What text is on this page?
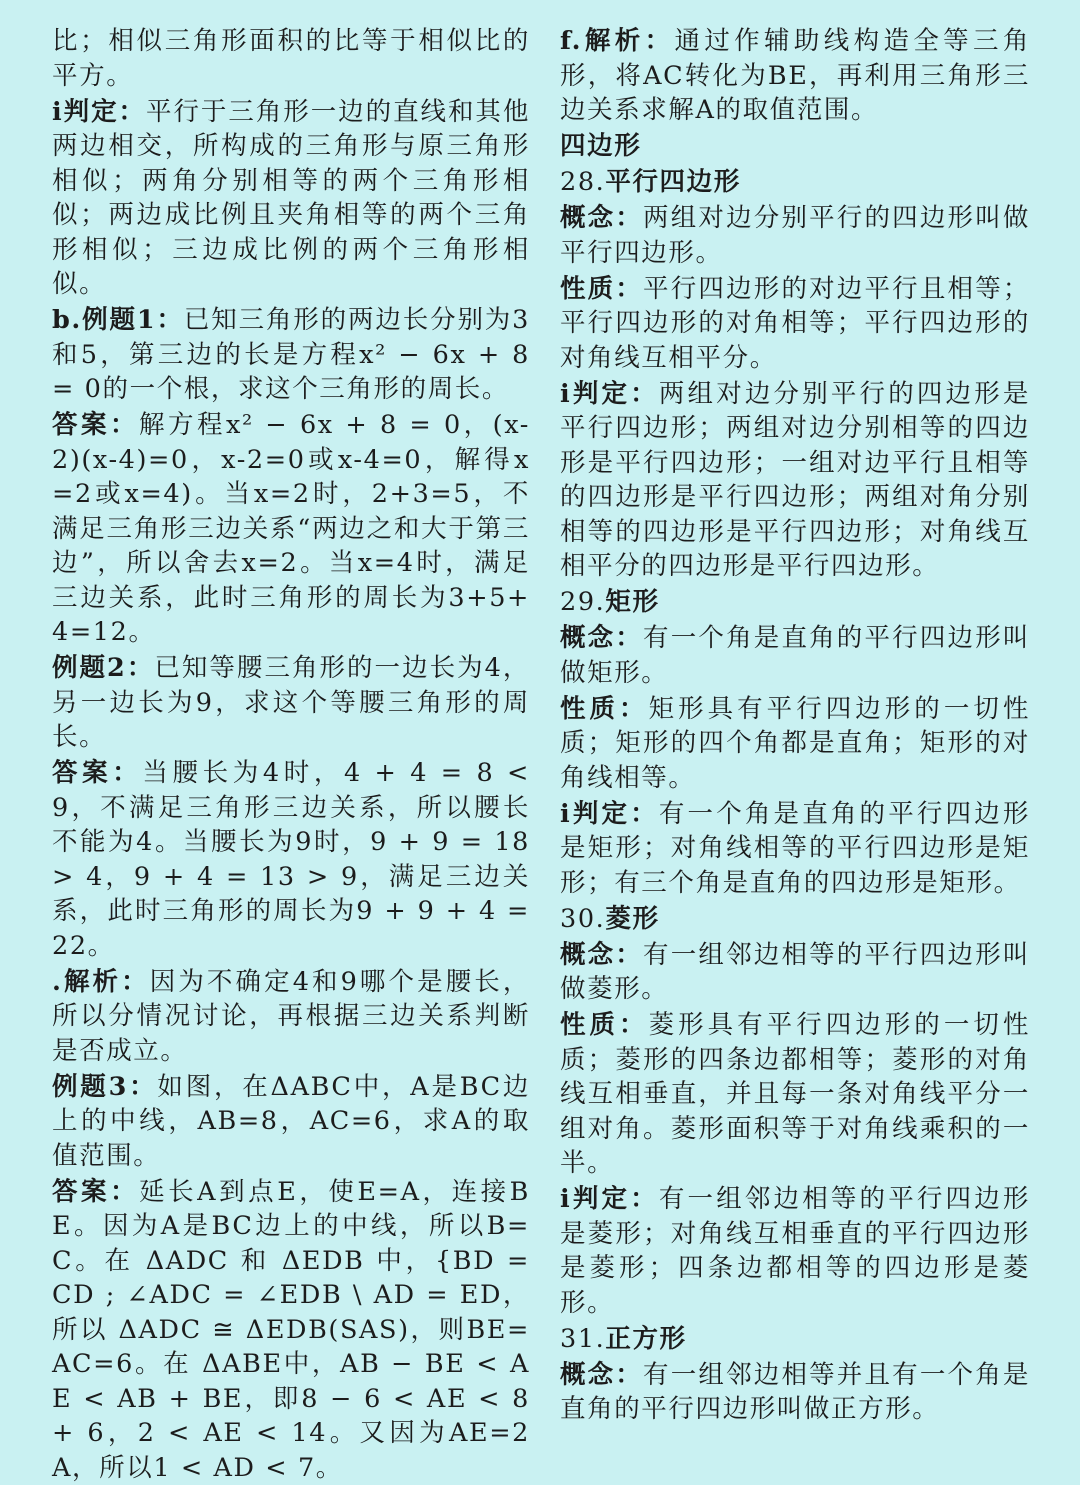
比；相似三角形面积的比等于相似比的平方。

i判定：平行于三角形一边的直线和其他两边相交，所构成的三角形与原三角形相似；两角分别相等的两个三角形相似；两边成比例且夹角相等的两个三角形相似；三边成比例的两个三角形相似。

b.例题1：已知三角形的两边长分别为3和5，第三边的长是方程x² − 6x + 8 = 0的一个根，求这个三角形的周长。

答案：解方程x² − 6x + 8 = 0，(x-2)(x-4)=0，x-2=0或x-4=0，解得x=2或x=4)。当x=2时，2+3=5，不满足三角形三边关系“两边之和大于第三边”，所以舍去x=2。当x=4时，满足三边关系，此时三角形的周长为3+5+4=12。

例题2：已知等腰三角形的一边长为4，另一边长为9，求这个等腰三角形的周长。

答案：当腰长为4时，4 + 4 = 8 < 9，不满足三角形三边关系，所以腰长不能为4。当腰长为9时，9 + 9 = 18 > 4，9 + 4 = 13 > 9，满足三边关系，此时三角形的周长为9 + 9 + 4 = 22。

.解析：因为不确定4和9哪个是腰长，所以分情况讨论，再根据三边关系判断是否成立。

例题3：如图，在ΔABC中，A是BC边上的中线，AB=8，AC=6，求A的取值范围。

答案：延长A到点E，使E=A，连接BE。因为A是BC边上的中线，所以B=C。在 ΔADC 和 ΔEDB 中，{BD = CD ; ∠ADC = ∠EDB \ AD = ED，所以 ΔADC ≅ ΔEDB(SAS)，则BE=AC=6。在 ΔABE中，AB − BE < AE < AB + BE，即8 − 6 < AE < 8 + 6，2 < AE < 14。又因为AE=2A，所以1 < AD < 7。

f.解析：通过作辅助线构造全等三角形，将AC转化为BE，再利用三角形三边关系求解A的取值范围。

四边形
28.平行四边形

概念：两组对边分别平行的四边形叫做平行四边形。

性质：平行四边形的对边平行且相等；平行四边形的对角相等；平行四边形的对角线互相平分。

i判定：两组对边分别平行的四边形是平行四边形；两组对边分别相等的四边形是平行四边形；一组对边平行且相等的四边形是平行四边形；两组对角分别相等的四边形是平行四边形；对角线互相平分的四边形是平行四边形。

29.矩形

概念：有一个角是直角的平行四边形叫做矩形。

性质：矩形具有平行四边形的一切性质；矩形的四个角都是直角；矩形的对角线相等。

i判定：有一个角是直角的平行四边形是矩形；对角线相等的平行四边形是矩形；有三个角是直角的四边形是矩形。

30.菱形

概念：有一组邻边相等的平行四边形叫做菱形。

性质：菱形具有平行四边形的一切性质；菱形的四条边都相等；菱形的对角线互相垂直，并且每一条对角线平分一组对角。菱形面积等于对角线乘积的一半。

i判定：有一组邻边相等的平行四边形是菱形；对角线互相垂直的平行四边形是菱形；四条边都相等的四边形是菱形。

31.正方形

概念：有一组邻边相等并且有一个角是直角的平行四边形叫做正方形。
